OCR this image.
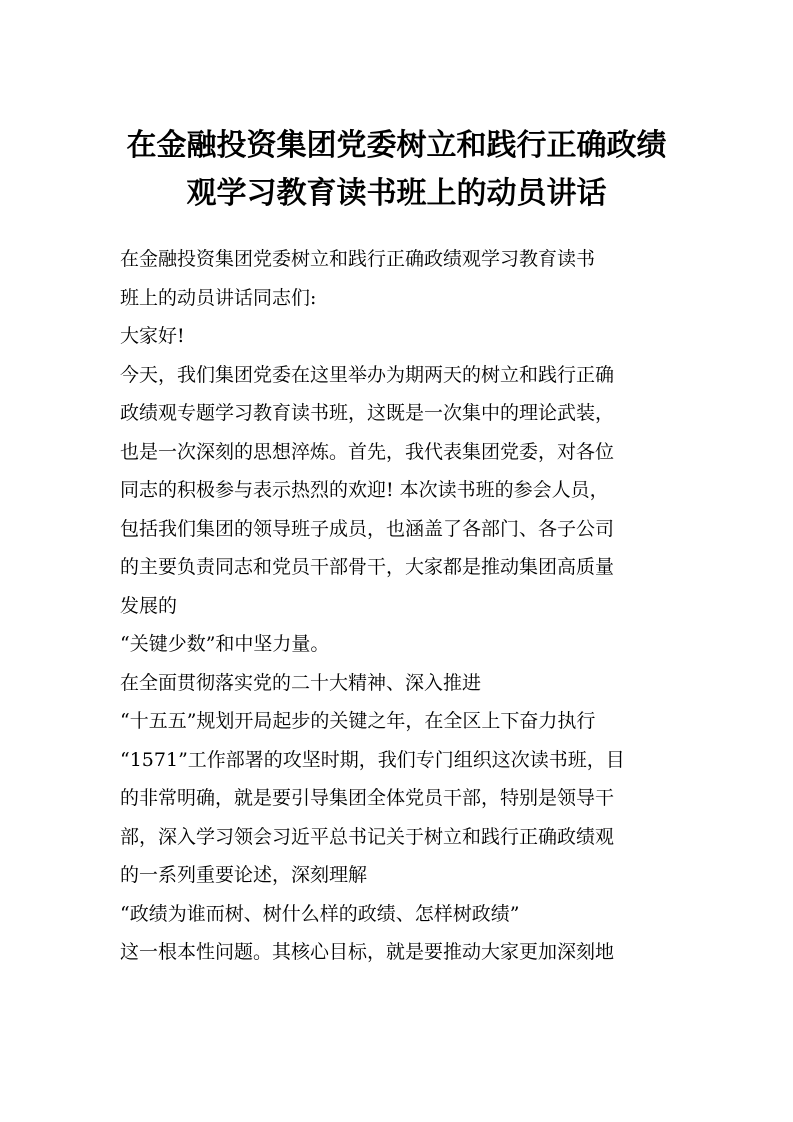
在金融投资集团党委树立和践行正确政绩
观学习教育读书班上的动员讲话
在金融投资集团党委树立和践行正确政绩观学习教育读书
班上的动员讲话同志们:
大家好!
今天，我们集团党委在这里举办为期两天的树立和践行正确
政绩观专题学习教育读书班，这既是一次集中的理论武装，
也是一次深刻的思想淬炼。首先，我代表集团党委，对各位
同志的积极参与表示热烈的欢迎! 本次读书班的参会人员，
包括我们集团的领导班子成员，也涵盖了各部门、各子公司
的主要负责同志和党员干部骨干，大家都是推动集团高质量
发展的
“关键少数”和中坚力量。
在全面贯彻落实党的二十大精神、深入推进
“十五五”规划开局起步的关键之年，在全区上下奋力执行
“1571”工作部署的攻坚时期，我们专门组织这次读书班，目
的非常明确，就是要引导集团全体党员干部，特别是领导干
部，深入学习领会习近平总书记关于树立和践行正确政绩观
的一系列重要论述，深刻理解
“政绩为谁而树、树什么样的政绩、怎样树政绩”
这一根本性问题。其核心目标，就是要推动大家更加深刻地
